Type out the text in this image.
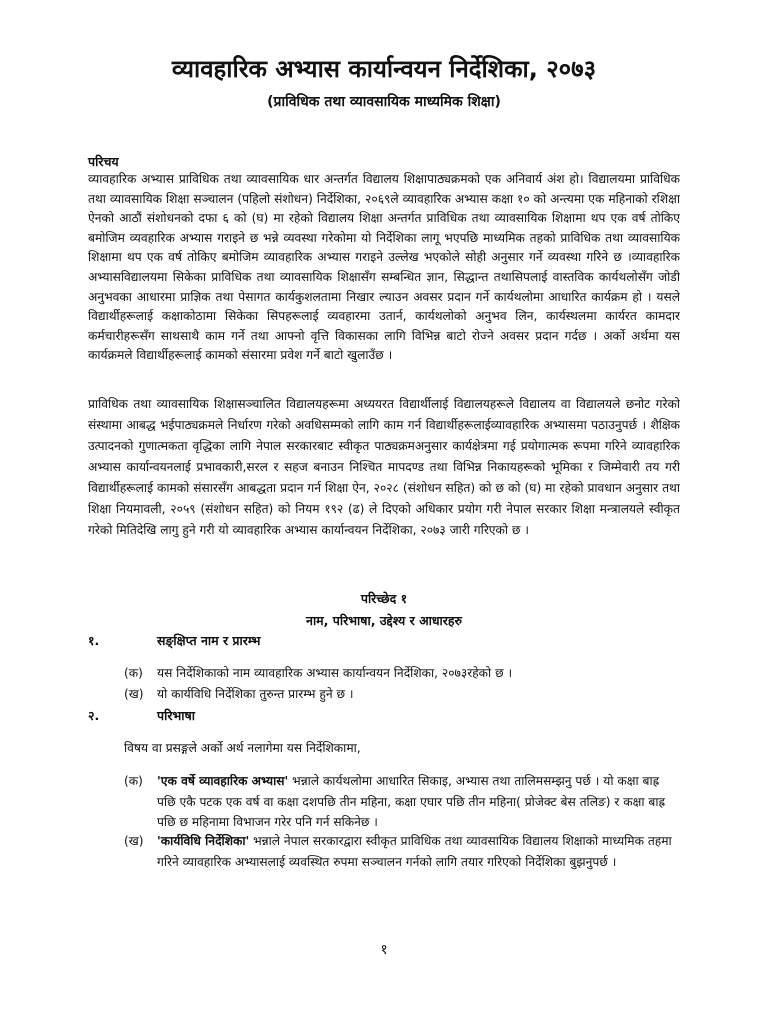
व्यावहारिक अभ्यास कार्यान्वयन निर्देशिका, २०७३
(प्राविधिक तथा व्यावसायिक माध्यमिक शिक्षा)
परिचय

व्यावहारिक अभ्यास प्राविधिक तथा व्यावसायिक धार अन्तर्गत विद्यालय शिक्षापाठ्यक्रमको एक अनिवार्य अंश हो। विद्यालयमा प्राविधिक तथा व्यावसायिक शिक्षा सञ्चालन (पहिलो संशोधन) निर्देशिका, २०६९ले व्यावहारिक अभ्यास कक्षा १० को अन्त्यमा एक महिनाको रशिक्षा ऐनको आठौं संशोधनको दफा ६ को (घ) मा रहेको विद्यालय शिक्षा अन्तर्गत प्राविधिक तथा व्यावसायिक शिक्षामा थप एक वर्ष तोकिए बमोजिम व्यवहारिक अभ्यास गराइने छ भन्ने व्यवस्था गरेकोमा यो निर्देशिका लागू भएपछि माध्यमिक तहको प्राविधिक तथा व्यावसायिक शिक्षामा थप एक वर्ष तोकिए बमोजिम व्यावहारिक अभ्यास गराइने उल्लेख भएकोले सोही अनुसार गर्ने व्यवस्था गरिने छ ।व्यावहारिक अभ्यासविद्यालयमा सिकेका प्राविधिक तथा व्यावसायिक शिक्षासँग सम्बन्धित ज्ञान, सिद्धान्त तथासिपलाई वास्तविक कार्यथलोसँग जोडी अनुभवका आधारमा प्राज्ञिक तथा पेसागत कार्यकुशलतामा निखार ल्याउन अवसर प्रदान गर्ने कार्यथलोमा आधारित कार्यक्रम हो । यसले विद्यार्थीहरूलाई कक्षाकोठामा सिकेका सिपहरूलाई व्यवहारमा उतार्न, कार्यथलोको अनुभव लिन, कार्यस्थलमा कार्यरत कामदार कर्मचारीहरूसँग साथसाथै काम गर्ने तथा आफ्नो वृत्ति विकासका लागि विभिन्न बाटो रोज्ने अवसर प्रदान गर्दछ । अर्को अर्थमा यस कार्यक्रमले विद्यार्थीहरूलाई कामको संसारमा प्रवेश गर्ने बाटो खुलाउँछ ।

प्राविधिक तथा व्यावसायिक शिक्षासञ्चालित विद्यालयहरूमा अध्ययरत विद्यार्थीलाई विद्यालयहरूले विद्यालय वा विद्यालयले छनोट गरेको संस्थामा आबद्ध भईपाठ्यक्रमले निर्धारण गरेको अवधिसम्मको लागि काम गर्न विद्यार्थीहरूलाईव्यावहारिक अभ्यासमा पठाउनुपर्छ । शैक्षिक उत्पादनको गुणात्मकता वृद्धिका लागि नेपाल सरकारबाट स्वीकृत पाठ्यक्रमअनुसार कार्यक्षेत्रमा गई प्रयोगात्मक रूपमा गरिने व्यावहारिक अभ्यास कार्यान्वयनलाई प्रभावकारी,सरल र सहज बनाउन निश्चित मापदण्ड तथा विभिन्न निकायहरूको भूमिका र जिम्मेवारी तय गरी विद्यार्थीहरूलाई कामको संसारसँग आबद्धता प्रदान गर्न शिक्षा ऐन, २०२८ (संशोधन सहित) को छ को (घ) मा रहेको प्रावधान अनुसार तथा शिक्षा नियमावली, २०५९ (संशोधन सहित) को नियम १९२ (ढ) ले दिएको अधिकार प्रयोग गरी नेपाल सरकार शिक्षा मन्त्रालयले स्वीकृत गरेको मितिदेखि लागु हुने गरी यो व्यावहारिक अभ्यास कार्यान्वयन निर्देशिका, २०७३ जारी गरिएको छ ।

परिच्छेद १
नाम, परिभाषा, उद्देश्य र आधारहरु
१.	सङ्क्षिप्त नाम र प्रारम्भ
(क) यस निर्देशिकाको नाम व्यावहारिक अभ्यास कार्यान्वयन निर्देशिका, २०७३रहेको छ ।

(ख) यो कार्यविधि निर्देशिका तुरुन्त प्रारम्भ हुने छ ।

२.	परिभाषा
विषय वा प्रसङ्गले अर्को अर्थ नलागेमा यस निर्देशिकामा,
(क) 'एक वर्षे व्यावहारिक अभ्यास' भन्नाले कार्यथलोमा आधारित सिकाइ, अभ्यास तथा तालिमसम्झनु पर्छ । यो कक्षा बाह्र पछि एकै पटक एक वर्ष वा कक्षा दशपछि तीन महिना, कक्षा एघार पछि तीन महिना( प्रोजेक्ट बेस तलिङ) र कक्षा बाह्र पछि छ महिनामा विभाजन गरेर पनि गर्न सकिनेछ ।

(ख) 'कार्यविधि निर्देशिका' भन्नाले नेपाल सरकारद्वारा स्वीकृत प्राविधिक तथा व्यावसायिक विद्यालय शिक्षाको माध्यमिक तहमा गरिने व्यावहारिक अभ्यासलाई व्यवस्थित रुपमा सञ्चालन गर्नको लागि तयार गरिएको निर्देशिका बुझनुपर्छ ।

१
